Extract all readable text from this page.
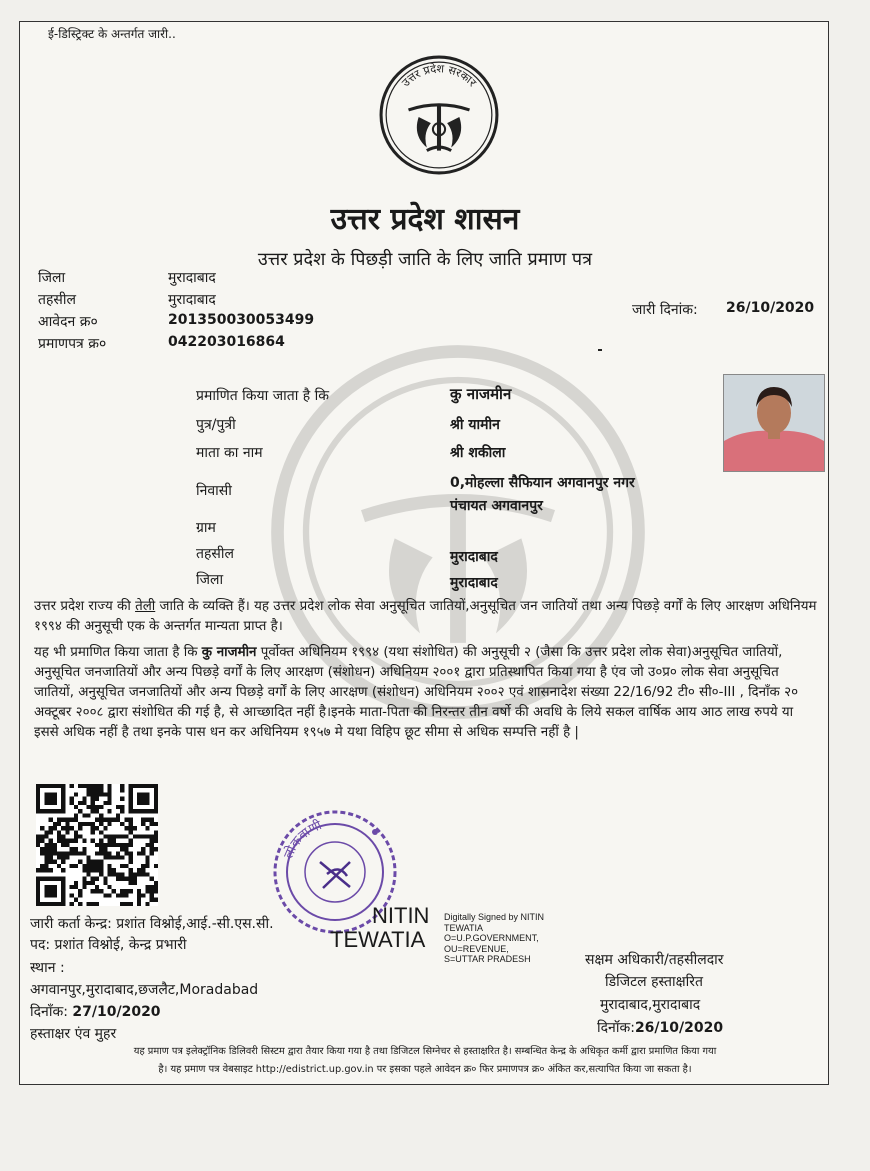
ई-डिस्ट्रिक्ट के अन्तर्गत जारी..
उत्तर प्रदेश सरकार
उत्तर प्रदेश शासन
उत्तर प्रदेश के पिछड़ी जाति के लिए जाति प्रमाण पत्र
जिला	मुरादाबाद
तहसील	मुरादाबाद
आवेदन क्र०	201350030053499
प्रमाणपत्र क्र०	042203016864
जारी दिनांक: 26/10/2020
प्रमाणित किया जाता है कि	कु नाजमीन
पुत्र/पुत्री	श्री यामीन
माता का नाम	श्री शकीला
निवासी	0,मोहल्ला सैफियान अगवानपुर नगर
पंचायत अगवानपुर
ग्राम
तहसील	मुरादाबाद
जिला	मुरादाबाद
उत्तर प्रदेश राज्य की तेली जाति के व्यक्ति हैं। यह उत्तर प्रदेश लोक सेवा अनुसूचित जातियों,अनुसूचित जन जातियों तथा अन्य पिछड़े वर्गों के लिए आरक्षण अधिनियम १९९४ की अनुसूची एक के अन्तर्गत मान्यता प्राप्त है।
यह भी प्रमाणित किया जाता है कि कु नाजमीन पूर्वोक्त अधिनियम १९९४ (यथा संशोधित) की अनुसूची २ (जैसा कि उत्तर प्रदेश लोक सेवा)अनुसूचित जातियों, अनुसूचित जनजातियों और अन्य पिछड़े वर्गों के लिए आरक्षण (संशोधन) अधिनियम २००१ द्वारा प्रतिस्थापित किया गया है एंव जो उ०प्र० लोक सेवा अनुसूचित जातियों, अनुसूचित जनजातियों और अन्य पिछड़े वर्गों के लिए आरक्षण (संशोधन) अधिनियम २००२ एवं शासनादेश संख्या 22/16/92 टी० सी०-III , दिनाँक २० अक्टूबर २००८ द्वारा संशोधित की गई है, से आच्छादित नहीं है।इनके माता-पिता की निरन्तर तीन वर्षो की अवधि के लिये सकल वार्षिक आय आठ लाख रुपये या इससे अधिक नहीं है तथा इनके पास धन कर अधिनियम १९५७ मे यथा विहिप छूट सीमा से अधिक सम्पत्ति नहीं है |
लोकवाणी
NITIN
TEWATIA
Digitally Signed by NITIN
TEWATIA
O=U.P.GOVERNMENT,
OU=REVENUE,
S=UTTAR PRADESH
जारी कर्ता केन्द्र: प्रशांत विश्नोई,आई.-सी.एस.सी.
पद: प्रशांत विश्नोई, केन्द्र प्रभारी
स्थान :
अगवानपुर,मुरादाबाद,छजलैट,Moradabad
दिनाँक: 27/10/2020
हस्ताक्षर एंव मुहर
सक्षम अधिकारी/तहसीलदार
डिजिटल हस्ताक्षरित
मुरादाबाद,मुरादाबाद
दिनॉक:26/10/2020
यह प्रमाण पत्र इलेक्ट्रॉनिक डिलिवरी सिस्टम द्वारा तैयार किया गया है तथा डिजिटल सिग्नेचर से हस्ताक्षरित है। सम्बन्धित केन्द्र के अधिकृत कर्मी द्वारा प्रमाणित किया गया
है। यह प्रमाण पत्र वेबसाइट http://edistrict.up.gov.in पर इसका पहले आवेदन क्र० फिर प्रमाणपत्र क्र० अंकित कर,सत्यापित किया जा सकता है।
